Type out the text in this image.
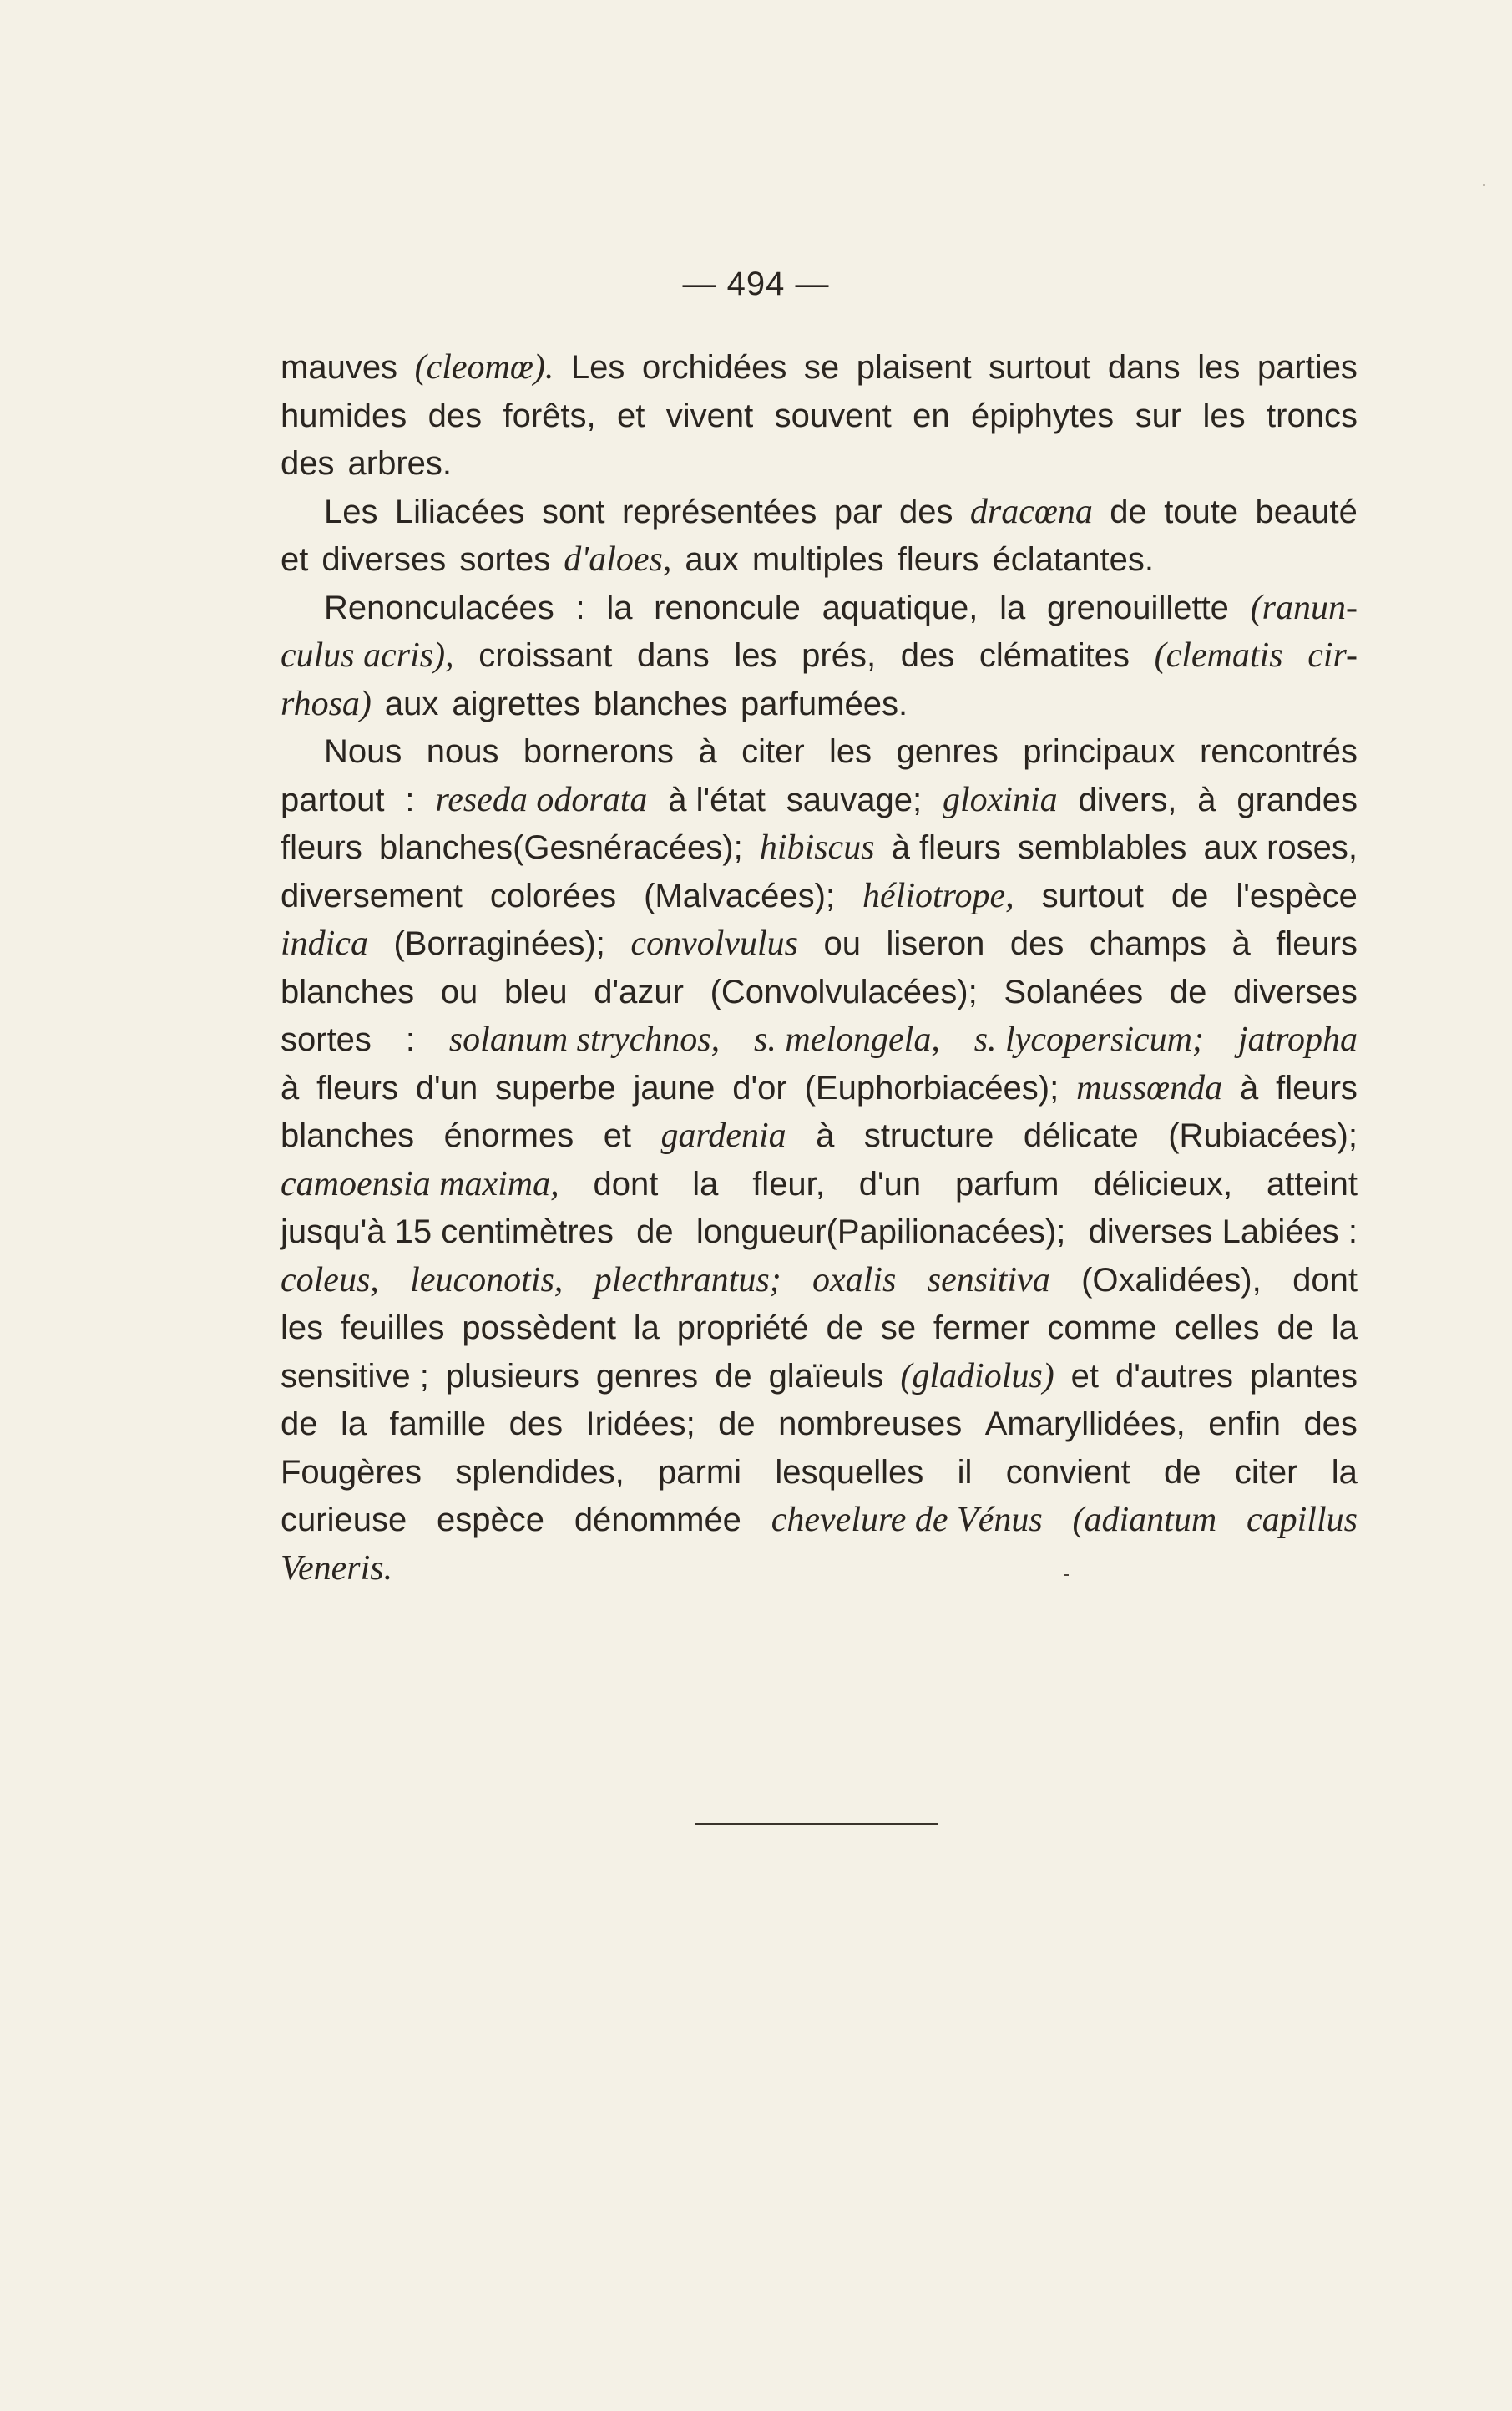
— 494 —
mauves (cleomœ). Les orchidées se plaisent surtout dans les parties
humides des forêts, et vivent souvent en épiphytes sur les troncs
des arbres.
Les Liliacées sont représentées par des dracœna de toute beauté
et diverses sortes d'aloes, aux multiples fleurs éclatantes.
Renonculacées : la renoncule aquatique, la grenouillette (ranun-
culus acris), croissant dans les prés, des clématites (clematis cir-
rhosa) aux aigrettes blanches parfumées.
Nous nous bornerons à citer les genres principaux rencontrés
partout : reseda odorata à l'état sauvage; gloxinia divers, à grandes
fleurs blanches(Gesnéracées); hibiscus à fleurs semblables aux roses,
diversement colorées (Malvacées); héliotrope, surtout de l'espèce
indica (Borraginées); convolvulus ou liseron des champs à fleurs
blanches ou bleu d'azur (Convolvulacées); Solanées de diverses
sortes : solanum strychnos, s. melongela, s. lycopersicum; jatropha
à fleurs d'un superbe jaune d'or (Euphorbiacées); mussœnda à fleurs
blanches énormes et gardenia à structure délicate (Rubiacées);
camoensia maxima, dont la fleur, d'un parfum délicieux, atteint
jusqu'à 15 centimètres de longueur(Papilionacées); diverses Labiées :
coleus, leuconotis, plecthrantus; oxalis sensitiva (Oxalidées), dont
les feuilles possèdent la propriété de se fermer comme celles de la
sensitive ; plusieurs genres de glaïeuls (gladiolus) et d'autres plantes
de la famille des Iridées; de nombreuses Amaryllidées, enfin des
Fougères splendides, parmi lesquelles il convient de citer la
curieuse espèce dénommée chevelure de Vénus (adiantum capillus
Veneris.
